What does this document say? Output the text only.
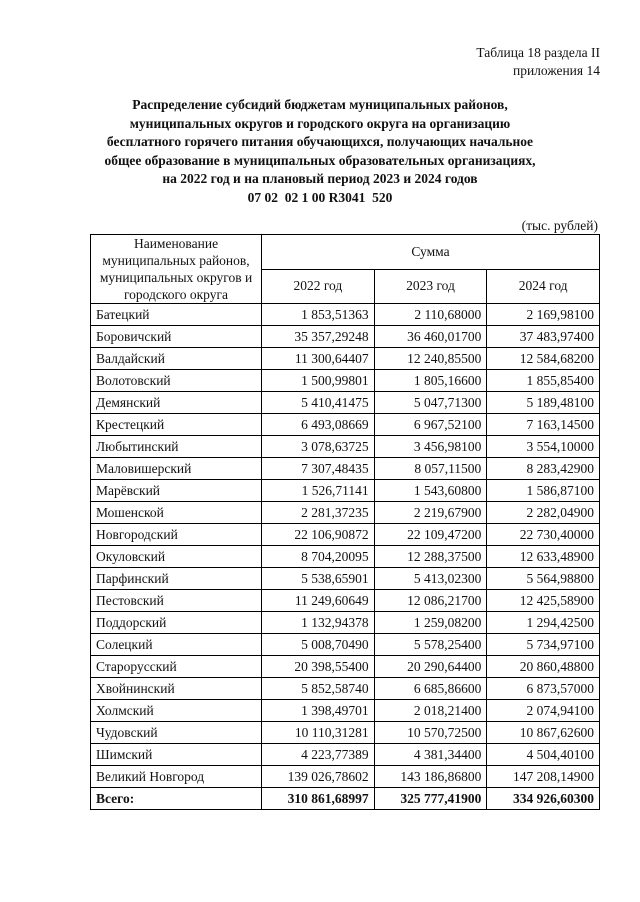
Таблица 18 раздела II
приложения 14
Распределение субсидий бюджетам муниципальных районов,
муниципальных округов и городского округа на организацию
бесплатного горячего питания обучающихся, получающих начальное
общее образование в муниципальных образовательных организациях,
на 2022 год и на плановый период 2023 и 2024 годов
07 02  02 1 00 R3041  520
(тыс. рублей)
Наименование муниципальных районов, муниципальных округов и городского округа	Сумма		
	2022 год	2023 год	2024 год
Батецкий	1 853,51363	2 110,68000	2 169,98100
Боровичский	35 357,29248	36 460,01700	37 483,97400
Валдайский	11 300,64407	12 240,85500	12 584,68200
Волотовский	1 500,99801	1 805,16600	1 855,85400
Демянский	5 410,41475	5 047,71300	5 189,48100
Крестецкий	6 493,08669	6 967,52100	7 163,14500
Любытинский	3 078,63725	3 456,98100	3 554,10000
Маловишерский	7 307,48435	8 057,11500	8 283,42900
Марёвский	1 526,71141	1 543,60800	1 586,87100
Мошенской	2 281,37235	2 219,67900	2 282,04900
Новгородский	22 106,90872	22 109,47200	22 730,40000
Окуловский	8 704,20095	12 288,37500	12 633,48900
Парфинский	5 538,65901	5 413,02300	5 564,98800
Пестовский	11 249,60649	12 086,21700	12 425,58900
Поддорский	1 132,94378	1 259,08200	1 294,42500
Солецкий	5 008,70490	5 578,25400	5 734,97100
Старорусский	20 398,55400	20 290,64400	20 860,48800
Хвойнинский	5 852,58740	6 685,86600	6 873,57000
Холмский	1 398,49701	2 018,21400	2 074,94100
Чудовский	10 110,31281	10 570,72500	10 867,62600
Шимский	4 223,77389	4 381,34400	4 504,40100
Великий Новгород	139 026,78602	143 186,86800	147 208,14900
Всего:	310 861,68997	325 777,41900	334 926,60300
